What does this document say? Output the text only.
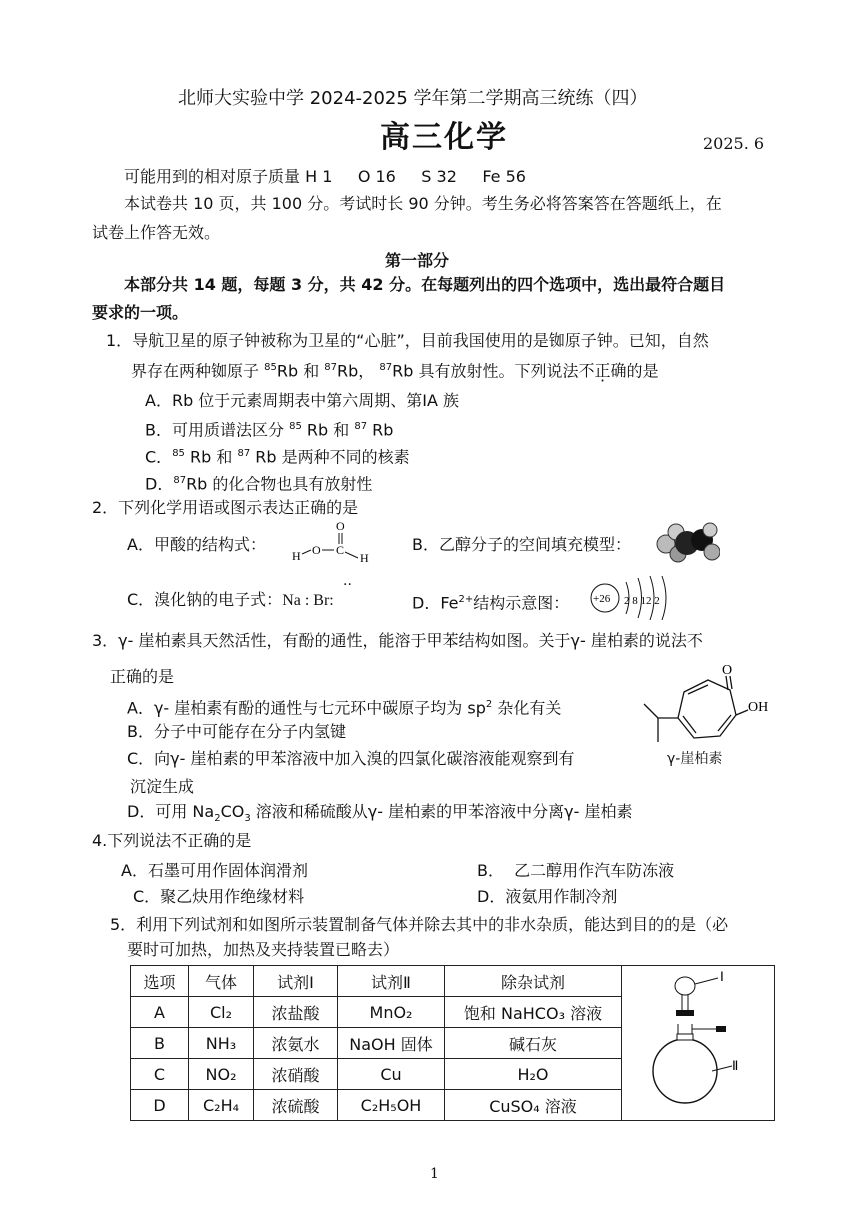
北师大实验中学 2024-2025 学年第二学期高三统练（四）
高三化学	2025. 6
可能用到的相对原子质量 H 1     O 16     S 32     Fe 56
本试卷共 10 页，共 100 分。考试时长 90 分钟。考生务必将答案答在答题纸上，在
试卷上作答无效。
第一部分
本部分共 14 题，每题 3 分，共 42 分。在每题列出的四个选项中，选出最符合题目
要求的一项。
1．导航卫星的原子钟被称为卫星的“心脏”，目前我国使用的是铷原子钟。已知，自然
界存在两种铷原子 $^{85}$Rb 和 $^{87}$Rb， $^{87}$Rb 具有放射性。下列说法不正确的是
A．Rb 位于元素周期表中第六周期、第ⅠA 族
B．可用质谱法区分 $^{85}$ Rb 和 $^{87}$ Rb
C．$^{85}$ Rb 和 $^{87}$ Rb 是两种不同的核素
D．$^{87}$Rb 的化合物也具有放射性
2．下列化学用语或图示表达正确的是
A．甲酸的结构式：
O
H O C
H
B．乙醇分子的空间填充模型：
C．溴化钠的电子式：Na : Br:
··
D．$Fe^{2+}$结构示意图： +26 2 8 12 2
3．γ- 崖柏素具天然活性，有酚的通性，能溶于甲苯结构如图。关于γ- 崖柏素的说法不
正确的是
A．γ- 崖柏素有酚的通性与七元环中碳原子均为 $sp^2$ 杂化有关
B．分子中可能存在分子内氢键
C．向γ- 崖柏素的甲苯溶液中加入溴的四氯化碳溶液能观察到有
沉淀生成
D．可用 $Na_2CO_3$ 溶液和稀硫酸从γ- 崖柏素的甲苯溶液中分离γ- 崖柏素
O
OH
γ-崖柏素
4.下列说法不正确的是
A．石墨可用作固体润滑剂	B．  乙二醇用作汽车防冻液
C．聚乙炔用作绝缘材料	D．液氨用作制冷剂
5．利用下列试剂和如图所示装置制备气体并除去其中的非水杂质，能达到目的的是（必
要时可加热，加热及夹持装置已略去）
选项	气体	试剂Ⅰ	试剂Ⅱ	除杂试剂	Ⅰ
Ⅱ

A	Cl₂	浓盐酸	MnO₂	饱和 NaHCO₃ 溶液	
B	NH₃	浓氨水	NaOH 固体	碱石灰	
C	NO₂	浓硝酸	Cu	H₂O	
D	C₂H₄	浓硫酸	C₂H₅OH	CuSO₄ 溶液	
1
